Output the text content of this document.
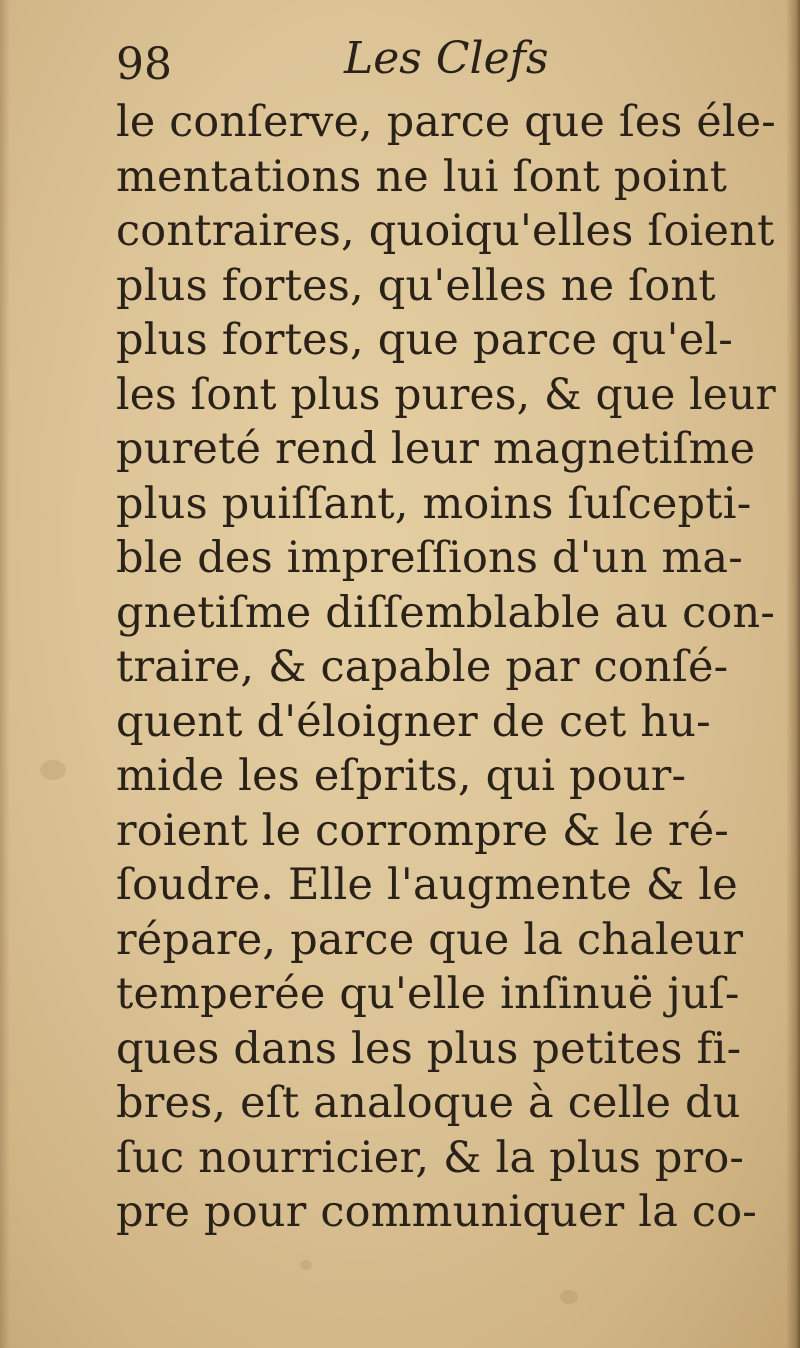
98	Les Clefs
le conſerve, parce que ſes éle-
mentations ne lui ſont point
contraires, quoiqu'elles ſoient
plus fortes, qu'elles ne ſont
plus fortes, que parce qu'el-
les ſont plus pures, & que leur
pureté rend leur magnetiſme
plus puiſſant, moins ſuſcepti-
ble des impreſſions d'un ma-
gnetiſme diſſemblable au con-
traire, & capable par conſé-
quent d'éloigner de cet hu-
mide les eſprits, qui pour-
roient le corrompre & le ré-
ſoudre. Elle l'augmente & le
répare, parce que la chaleur
temperée qu'elle inſinuë juſ-
ques dans les plus petites fi-
bres, eſt analoque à celle du
ſuc nourricier, & la plus pro-
pre pour communiquer la co-
